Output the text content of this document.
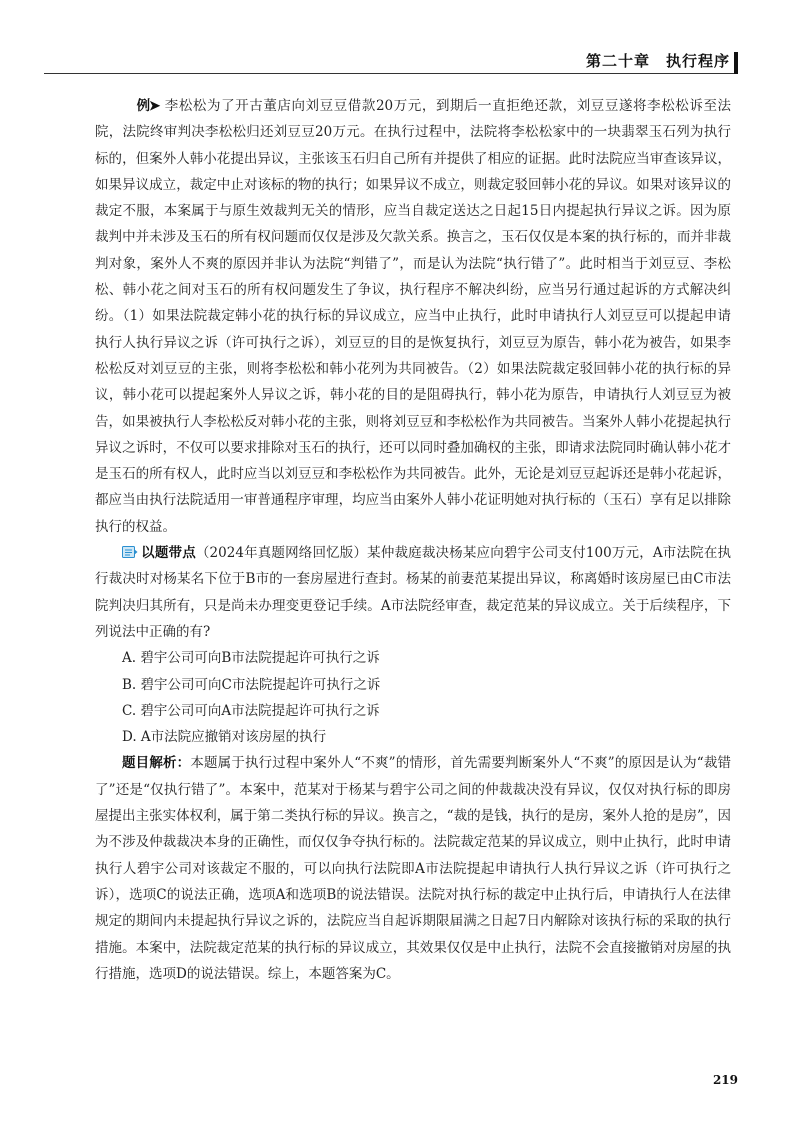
第二十章　执行程序

➤例　 李松松为了开古董店向刘豆豆借款20万元，到期后一直拒绝还款，刘豆豆遂将李松松诉至法院，法院终审判决李松松归还刘豆豆20万元。在执行过程中，法院将李松松家中的一块翡翠玉石列为执行标的，但案外人韩小花提出异议，主张该玉石归自己所有并提供了相应的证据。此时法院应当审查该异议，如果异议成立，裁定中止对该标的物的执行；如果异议不成立，则裁定驳回韩小花的异议。如果对该异议的裁定不服，本案属于与原生效裁判无关的情形，应当自裁定送达之日起15日内提起执行异议之诉。因为原裁判中并未涉及玉石的所有权问题而仅仅是涉及欠款关系。换言之，玉石仅仅是本案的执行标的，而并非裁判对象，案外人不爽的原因并非认为法院“判错了”，而是认为法院“执行错了”。此时相当于刘豆豆、李松松、韩小花之间对玉石的所有权问题发生了争议，执行程序不解决纠纷，应当另行通过起诉的方式解决纠纷。（1）如果法院裁定韩小花的执行标的异议成立，应当中止执行，此时申请执行人刘豆豆可以提起申请执行人执行异议之诉（许可执行之诉），刘豆豆的目的是恢复执行，刘豆豆为原告，韩小花为被告，如果李松松反对刘豆豆的主张，则将李松松和韩小花列为共同被告。（2）如果法院裁定驳回韩小花的执行标的异议，韩小花可以提起案外人异议之诉，韩小花的目的是阻碍执行，韩小花为原告，申请执行人刘豆豆为被告，如果被执行人李松松反对韩小花的主张，则将刘豆豆和李松松作为共同被告。当案外人韩小花提起执行异议之诉时，不仅可以要求排除对玉石的执行，还可以同时叠加确权的主张，即请求法院同时确认韩小花才是玉石的所有权人，此时应当以刘豆豆和李松松作为共同被告。此外，无论是刘豆豆起诉还是韩小花起诉，都应当由执行法院适用一审普通程序审理，均应当由案外人韩小花证明她对执行标的（玉石）享有足以排除执行的权益。

以题带点（2024年真题网络回忆版）某仲裁庭裁决杨某应向碧宇公司支付100万元，A市法院在执行裁决时对杨某名下位于B市的一套房屋进行查封。杨某的前妻范某提出异议，称离婚时该房屋已由C市法院判决归其所有，只是尚未办理变更登记手续。A市法院经审查，裁定范某的异议成立。关于后续程序，下列说法中正确的有?

A. 碧宇公司可向B市法院提起许可执行之诉

B. 碧宇公司可向C市法院提起许可执行之诉

C. 碧宇公司可向A市法院提起许可执行之诉

D. A市法院应撤销对该房屋的执行

题目解析：本题属于执行过程中案外人“不爽”的情形，首先需要判断案外人“不爽”的原因是认为“裁错了”还是“仅执行错了”。本案中，范某对于杨某与碧宇公司之间的仲裁裁决没有异议，仅仅对执行标的即房屋提出主张实体权利，属于第二类执行标的异议。换言之，“裁的是钱，执行的是房，案外人抢的是房”，因为不涉及仲裁裁决本身的正确性，而仅仅争夺执行标的。法院裁定范某的异议成立，则中止执行，此时申请执行人碧宇公司对该裁定不服的，可以向执行法院即A市法院提起申请执行人执行异议之诉（许可执行之诉），选项C的说法正确，选项A和选项B的说法错误。法院对执行标的裁定中止执行后，申请执行人在法律规定的期间内未提起执行异议之诉的，法院应当自起诉期限届满之日起7日内解除对该执行标的采取的执行措施。本案中，法院裁定范某的执行标的异议成立，其效果仅仅是中止执行，法院不会直接撤销对房屋的执行措施，选项D的说法错误。综上，本题答案为C。

219
